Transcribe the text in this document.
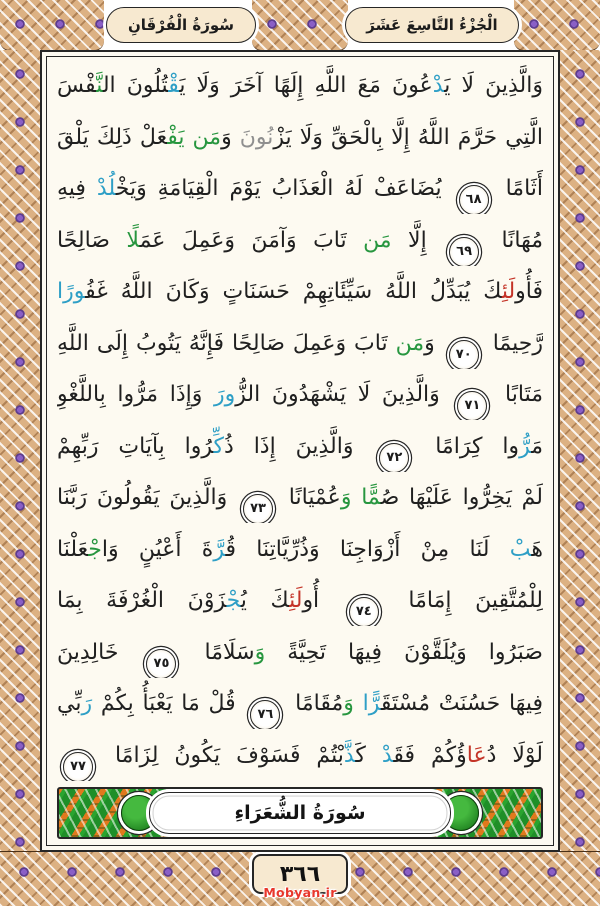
الْجُزْءُ التَّاسِعَ عَشَرَ
سُورَةُ الْفُرْقَانِ
٣٦٦
Mobyan.ir
وَالَّذِينَ لَا يَدْعُونَ مَعَ اللَّهِ إِلَهًا آخَرَ وَلَا يَقْتُلُونَ النَّفْسَ
الَّتِي حَرَّمَ اللَّهُ إِلَّا بِالْحَقِّ وَلَا يَزْنُونَ وَمَن يَفْعَلْ ذَلِكَ يَلْقَ
أَثَامًا ٦٨ يُضَاعَفْ لَهُ الْعَذَابُ يَوْمَ الْقِيَامَةِ وَيَخْلُدْ فِيهِ
مُهَانًا ٦٩ إِلَّا مَن تَابَ وَآمَنَ وَعَمِلَ عَمَلًا صَالِحًا
فَأُولَئِكَ يُبَدِّلُ اللَّهُ سَيِّئَاتِهِمْ حَسَنَاتٍ وَكَانَ اللَّهُ غَفُورًا
رَّحِيمًا ٧٠ وَمَن تَابَ وَعَمِلَ صَالِحًا فَإِنَّهُ يَتُوبُ إِلَى اللَّهِ
مَتَابًا ٧١ وَالَّذِينَ لَا يَشْهَدُونَ الزُّورَ وَإِذَا مَرُّوا بِاللَّغْوِ
مَرُّوا كِرَامًا ٧٢ وَالَّذِينَ إِذَا ذُكِّرُوا بِآيَاتِ رَبِّهِمْ
لَمْ يَخِرُّوا عَلَيْهَا صُمًّا وَعُمْيَانًا ٧٣ وَالَّذِينَ يَقُولُونَ رَبَّنَا
هَبْ لَنَا مِنْ أَزْوَاجِنَا وَذُرِّيَّاتِنَا قُرَّةَ أَعْيُنٍ وَاجْعَلْنَا
لِلْمُتَّقِينَ إِمَامًا ٧٤ أُولَئِكَ يُجْزَوْنَ الْغُرْفَةَ بِمَا
صَبَرُوا وَيُلَقَّوْنَ فِيهَا تَحِيَّةً وَسَلَامًا ٧٥ خَالِدِينَ
فِيهَا حَسُنَتْ مُسْتَقَرًّا وَمُقَامًا ٧٦ قُلْ مَا يَعْبَأُ بِكُمْ رَبِّي
لَوْلَا دُعَاؤُكُمْ فَقَدْ كَذَّبْتُمْ فَسَوْفَ يَكُونُ لِزَامًا ٧٧
سُورَةُ الشُّعَرَاءِ
